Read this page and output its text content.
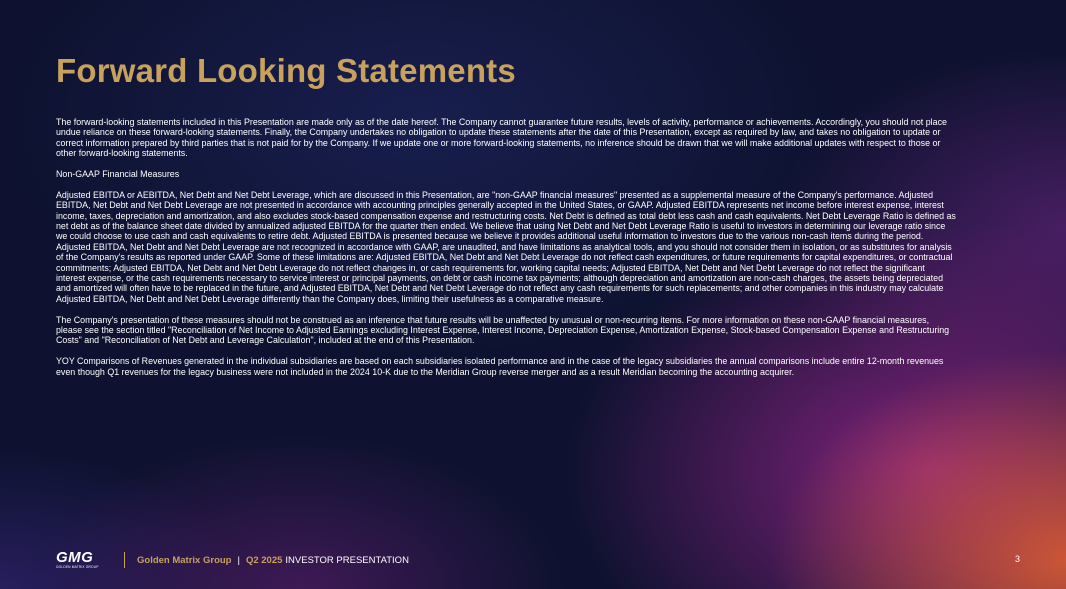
Forward Looking Statements

The forward-looking statements included in this Presentation are made only as of the date hereof. The Company cannot guarantee future results, levels of activity, performance or achievements. Accordingly, you should not place undue reliance on these forward-looking statements. Finally, the Company undertakes no obligation to update these statements after the date of this Presentation, except as required by law, and takes no obligation to update or correct information prepared by third parties that is not paid for by the Company. If we update one or more forward-looking statements, no inference should be drawn that we will make additional updates with respect to those or other forward-looking statements.

Non-GAAP Financial Measures

Adjusted EBITDA or AEBITDA, Net Debt and Net Debt Leverage, which are discussed in this Presentation, are "non-GAAP financial measures" presented as a supplemental measure of the Company's performance. Adjusted EBITDA, Net Debt and Net Debt Leverage are not presented in accordance with accounting principles generally accepted in the United States, or GAAP. Adjusted EBITDA represents net income before interest expense, interest income, taxes, depreciation and amortization, and also excludes stock-based compensation expense and restructuring costs. Net Debt is defined as total debt less cash and cash equivalents. Net Debt Leverage Ratio is defined as net debt as of the balance sheet date divided by annualized adjusted EBITDA for the quarter then ended. We believe that using Net Debt and Net Debt Leverage Ratio is useful to investors in determining our leverage ratio since we could choose to use cash and cash equivalents to retire debt. Adjusted EBITDA is presented because we believe it provides additional useful information to investors due to the various non-cash items during the period. Adjusted EBITDA, Net Debt and Net Debt Leverage are not recognized in accordance with GAAP, are unaudited, and have limitations as analytical tools, and you should not consider them in isolation, or as substitutes for analysis of the Company's results as reported under GAAP. Some of these limitations are: Adjusted EBITDA, Net Debt and Net Debt Leverage do not reflect cash expenditures, or future requirements for capital expenditures, or contractual commitments; Adjusted EBITDA, Net Debt and Net Debt Leverage do not reflect changes in, or cash requirements for, working capital needs; Adjusted EBITDA, Net Debt and Net Debt Leverage do not reflect the significant interest expense, or the cash requirements necessary to service interest or principal payments, on debt or cash income tax payments; although depreciation and amortization are non-cash charges, the assets being depreciated and amortized will often have to be replaced in the future, and Adjusted EBITDA, Net Debt and Net Debt Leverage do not reflect any cash requirements for such replacements; and other companies in this industry may calculate Adjusted EBITDA, Net Debt and Net Debt Leverage differently than the Company does, limiting their usefulness as a comparative measure.

The Company's presentation of these measures should not be construed as an inference that future results will be unaffected by unusual or non-recurring items. For more information on these non-GAAP financial measures, please see the section titled "Reconciliation of Net Income to Adjusted Earnings excluding Interest Expense, Interest Income, Depreciation Expense, Amortization Expense, Stock-based Compensation Expense and Restructuring Costs" and "Reconciliation of Net Debt and Leverage Calculation", included at the end of this Presentation.

YOY Comparisons of Revenues generated in the individual subsidiaries are based on each subsidiaries isolated performance and in the case of the legacy subsidiaries the annual comparisons include entire 12-month revenues even though Q1 revenues for the legacy business were not included in the 2024 10-K due to the Meridian Group reverse merger and as a result Meridian becoming the accounting acquirer.

GMG
GOLDEN MATRIX GROUP
Golden Matrix Group | Q2 2025 INVESTOR PRESENTATION	3
